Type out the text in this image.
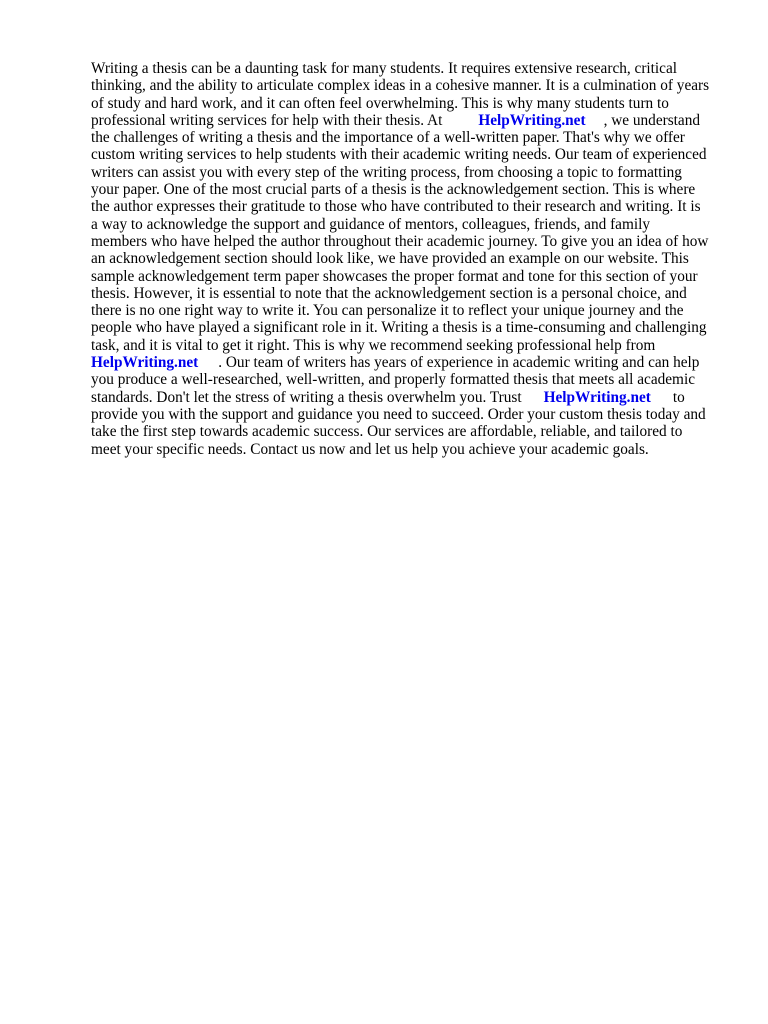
Writing a thesis can be a daunting task for many students. It requires extensive research, critical
thinking, and the ability to articulate complex ideas in a cohesive manner. It is a culmination of years
of study and hard work, and it can often feel overwhelming. This is why many students turn to
professional writing services for help with their thesis. At HelpWriting.net , we understand
the challenges of writing a thesis and the importance of a well-written paper. That's why we offer
custom writing services to help students with their academic writing needs. Our team of experienced
writers can assist you with every step of the writing process, from choosing a topic to formatting
your paper. One of the most crucial parts of a thesis is the acknowledgement section. This is where
the author expresses their gratitude to those who have contributed to their research and writing. It is
a way to acknowledge the support and guidance of mentors, colleagues, friends, and family
members who have helped the author throughout their academic journey. To give you an idea of how
an acknowledgement section should look like, we have provided an example on our website. This
sample acknowledgement term paper showcases the proper format and tone for this section of your
thesis. However, it is essential to note that the acknowledgement section is a personal choice, and
there is no one right way to write it. You can personalize it to reflect your unique journey and the
people who have played a significant role in it. Writing a thesis is a time-consuming and challenging
task, and it is vital to get it right. This is why we recommend seeking professional help from
HelpWriting.net . Our team of writers has years of experience in academic writing and can help
you produce a well-researched, well-written, and properly formatted thesis that meets all academic
standards. Don't let the stress of writing a thesis overwhelm you. Trust HelpWriting.net to
provide you with the support and guidance you need to succeed. Order your custom thesis today and
take the first step towards academic success. Our services are affordable, reliable, and tailored to
meet your specific needs. Contact us now and let us help you achieve your academic goals.
